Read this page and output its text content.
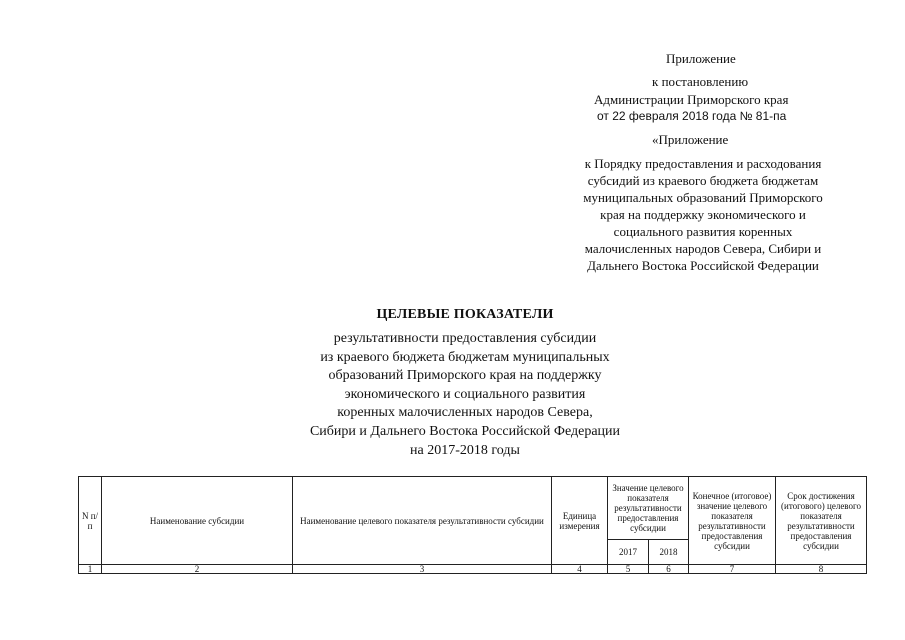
Приложение
к постановлению
Администрации Приморского края
от 22 февраля 2018 года № 81-па
«Приложение
к Порядку предоставления и расходования
субсидий из краевого бюджета бюджетам
муниципальных образований Приморского
края на поддержку экономического и
социального развития коренных
малочисленных народов Севера, Сибири и
Дальнего Востока Российской Федерации
ЦЕЛЕВЫЕ ПОКАЗАТЕЛИ
результативности предоставления субсидии
из краевого бюджета бюджетам муниципальных
образований Приморского края на поддержку
экономического и социального развития
коренных малочисленных народов Севера,
Сибири и Дальнего Востока Российской Федерации
на 2017-2018 годы
N п/п	Наименование субсидии	Наименование целевого показателя результативности субсидии	Единица измерения	Значение целевого показателя результативности предоставления субсидии		Конечное (итоговое) значение целевого показателя результативности предоставления субсидии	Срок достижения (итогового) целевого показателя результативности предоставления субсидии
				2017	2018		
1	2	3	4	5	6	7	8
